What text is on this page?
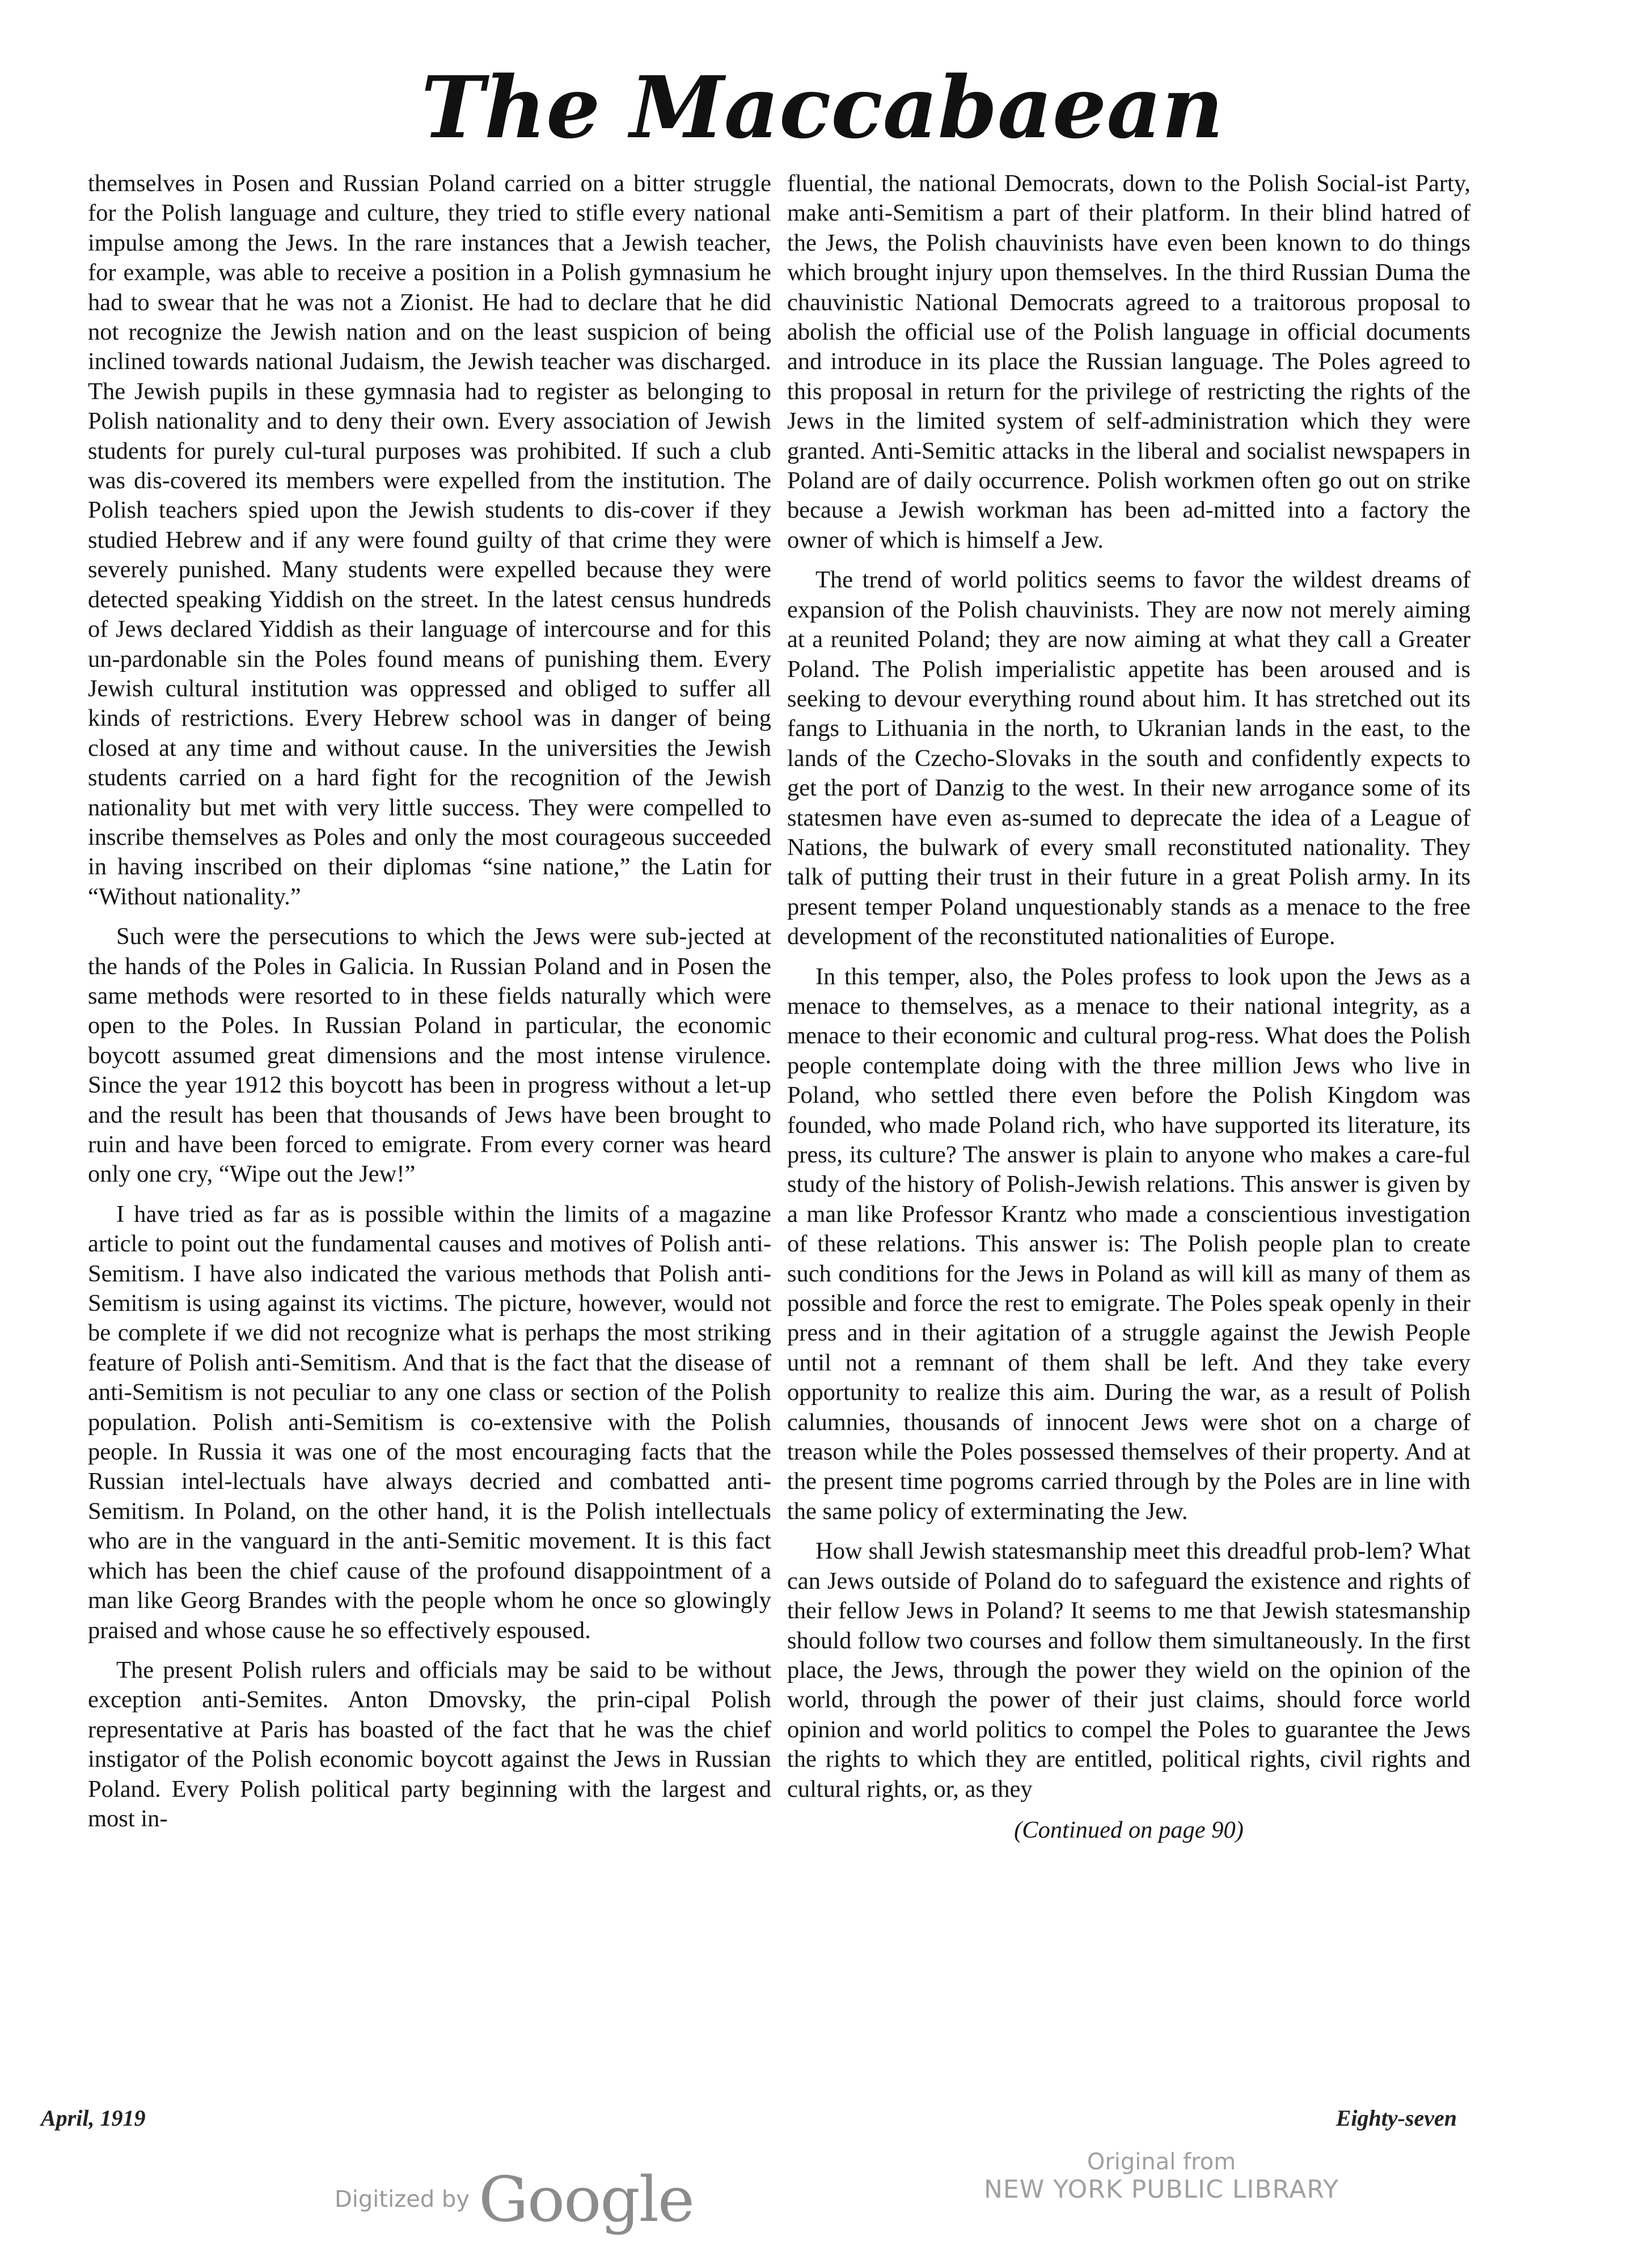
The Maccabaean

themselves in Posen and Russian Poland carried on a bitter struggle for the Polish language and culture, they tried to stifle every national impulse among the Jews. In the rare instances that a Jewish teacher, for example, was able to receive a position in a Polish gymnasium he had to swear that he was not a Zionist. He had to declare that he did not recognize the Jewish nation and on the least suspicion of being inclined towards national Judaism, the Jewish teacher was discharged. The Jewish pupils in these gymnasia had to register as belonging to Polish nationality and to deny their own. Every association of Jewish students for purely cul-tural purposes was prohibited. If such a club was dis-covered its members were expelled from the institution. The Polish teachers spied upon the Jewish students to dis-cover if they studied Hebrew and if any were found guilty of that crime they were severely punished. Many students were expelled because they were detected speaking Yiddish on the street. In the latest census hundreds of Jews declared Yiddish as their language of intercourse and for this un-pardonable sin the Poles found means of punishing them. Every Jewish cultural institution was oppressed and obliged to suffer all kinds of restrictions. Every Hebrew school was in danger of being closed at any time and without cause. In the universities the Jewish students carried on a hard fight for the recognition of the Jewish nationality but met with very little success. They were compelled to inscribe themselves as Poles and only the most courageous succeeded in having inscribed on their diplomas “sine natione,” the Latin for “Without nationality.”

Such were the persecutions to which the Jews were sub-jected at the hands of the Poles in Galicia. In Russian Poland and in Posen the same methods were resorted to in these fields naturally which were open to the Poles. In Russian Poland in particular, the economic boycott assumed great dimensions and the most intense virulence. Since the year 1912 this boycott has been in progress without a let-up and the result has been that thousands of Jews have been brought to ruin and have been forced to emigrate. From every corner was heard only one cry, “Wipe out the Jew!”

I have tried as far as is possible within the limits of a magazine article to point out the fundamental causes and motives of Polish anti-Semitism. I have also indicated the various methods that Polish anti-Semitism is using against its victims. The picture, however, would not be complete if we did not recognize what is perhaps the most striking feature of Polish anti-Semitism. And that is the fact that the disease of anti-Semitism is not peculiar to any one class or section of the Polish population. Polish anti-Semitism is co-extensive with the Polish people. In Russia it was one of the most encouraging facts that the Russian intel-lectuals have always decried and combatted anti-Semitism. In Poland, on the other hand, it is the Polish intellectuals who are in the vanguard in the anti-Semitic movement. It is this fact which has been the chief cause of the profound disappointment of a man like Georg Brandes with the people whom he once so glowingly praised and whose cause he so effectively espoused.

The present Polish rulers and officials may be said to be without exception anti-Semites. Anton Dmovsky, the prin-cipal Polish representative at Paris has boasted of the fact that he was the chief instigator of the Polish economic boycott against the Jews in Russian Poland. Every Polish political party beginning with the largest and most in-

fluential, the national Democrats, down to the Polish Social-ist Party, make anti-Semitism a part of their platform. In their blind hatred of the Jews, the Polish chauvinists have even been known to do things which brought injury upon themselves. In the third Russian Duma the chauvinistic National Democrats agreed to a traitorous proposal to abolish the official use of the Polish language in official documents and introduce in its place the Russian language. The Poles agreed to this proposal in return for the privilege of restricting the rights of the Jews in the limited system of self-administration which they were granted. Anti-Semitic attacks in the liberal and socialist newspapers in Poland are of daily occurrence. Polish workmen often go out on strike because a Jewish workman has been ad-mitted into a factory the owner of which is himself a Jew.

The trend of world politics seems to favor the wildest dreams of expansion of the Polish chauvinists. They are now not merely aiming at a reunited Poland; they are now aiming at what they call a Greater Poland. The Polish imperialistic appetite has been aroused and is seeking to devour everything round about him. It has stretched out its fangs to Lithuania in the north, to Ukranian lands in the east, to the lands of the Czecho-Slovaks in the south and confidently expects to get the port of Danzig to the west. In their new arrogance some of its statesmen have even as-sumed to deprecate the idea of a League of Nations, the bulwark of every small reconstituted nationality. They talk of putting their trust in their future in a great Polish army. In its present temper Poland unquestionably stands as a menace to the free development of the reconstituted nationalities of Europe.

In this temper, also, the Poles profess to look upon the Jews as a menace to themselves, as a menace to their national integrity, as a menace to their economic and cultural prog-ress. What does the Polish people contemplate doing with the three million Jews who live in Poland, who settled there even before the Polish Kingdom was founded, who made Poland rich, who have supported its literature, its press, its culture? The answer is plain to anyone who makes a care-ful study of the history of Polish-Jewish relations. This answer is given by a man like Professor Krantz who made a conscientious investigation of these relations. This answer is: The Polish people plan to create such conditions for the Jews in Poland as will kill as many of them as possible and force the rest to emigrate. The Poles speak openly in their press and in their agitation of a struggle against the Jewish People until not a remnant of them shall be left. And they take every opportunity to realize this aim. During the war, as a result of Polish calumnies, thousands of innocent Jews were shot on a charge of treason while the Poles possessed themselves of their property. And at the present time pogroms carried through by the Poles are in line with the same policy of exterminating the Jew.

How shall Jewish statesmanship meet this dreadful prob-lem? What can Jews outside of Poland do to safeguard the existence and rights of their fellow Jews in Poland? It seems to me that Jewish statesmanship should follow two courses and follow them simultaneously. In the first place, the Jews, through the power they wield on the opinion of the world, through the power of their just claims, should force world opinion and world politics to compel the Poles to guarantee the Jews the rights to which they are entitled, political rights, civil rights and cultural rights, or, as they

(Continued on page 90)

April, 1919	Eighty-seven
Digitized by Google
Original from
NEW YORK PUBLIC LIBRARY
